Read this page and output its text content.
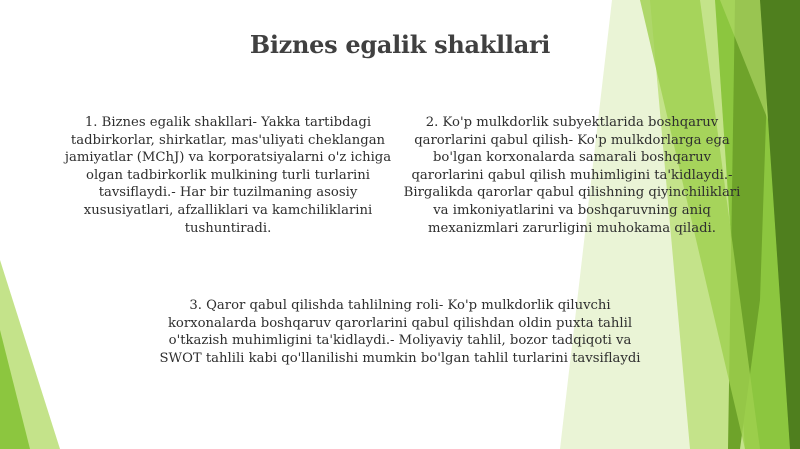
Biznes egalik shakllari

1. Biznes egalik shakllari- Yakka tartibdagi tadbirkorlar, shirkatlar, mas'uliyati cheklangan jamiyatlar (MChJ) va korporatsiyalarni o'z ichiga olgan tadbirkorlik mulkining turli turlarini tavsiflaydi.- Har bir tuzilmaning asosiy xususiyatlari, afzalliklari va kamchiliklarini tushuntiradi.

2. Ko'p mulkdorlik subyektlarida boshqaruv qarorlarini qabul qilish- Ko'p mulkdorlarga ega bo'lgan korxonalarda samarali boshqaruv qarorlarini qabul qilish muhimligini ta'kidlaydi.- Birgalikda qarorlar qabul qilishning qiyinchiliklari va imkoniyatlarini va boshqaruvning aniq mexanizmlari zarurligini muhokama qiladi.

3. Qaror qabul qilishda tahlilning roli- Ko'p mulkdorlik qiluvchi korxonalarda boshqaruv qarorlarini qabul qilishdan oldin puxta tahlil o'tkazish muhimligini ta'kidlaydi.- Moliyaviy tahlil, bozor tadqiqoti va SWOT tahlili kabi qo'llanilishi mumkin bo'lgan tahlil turlarini tavsiflaydi
